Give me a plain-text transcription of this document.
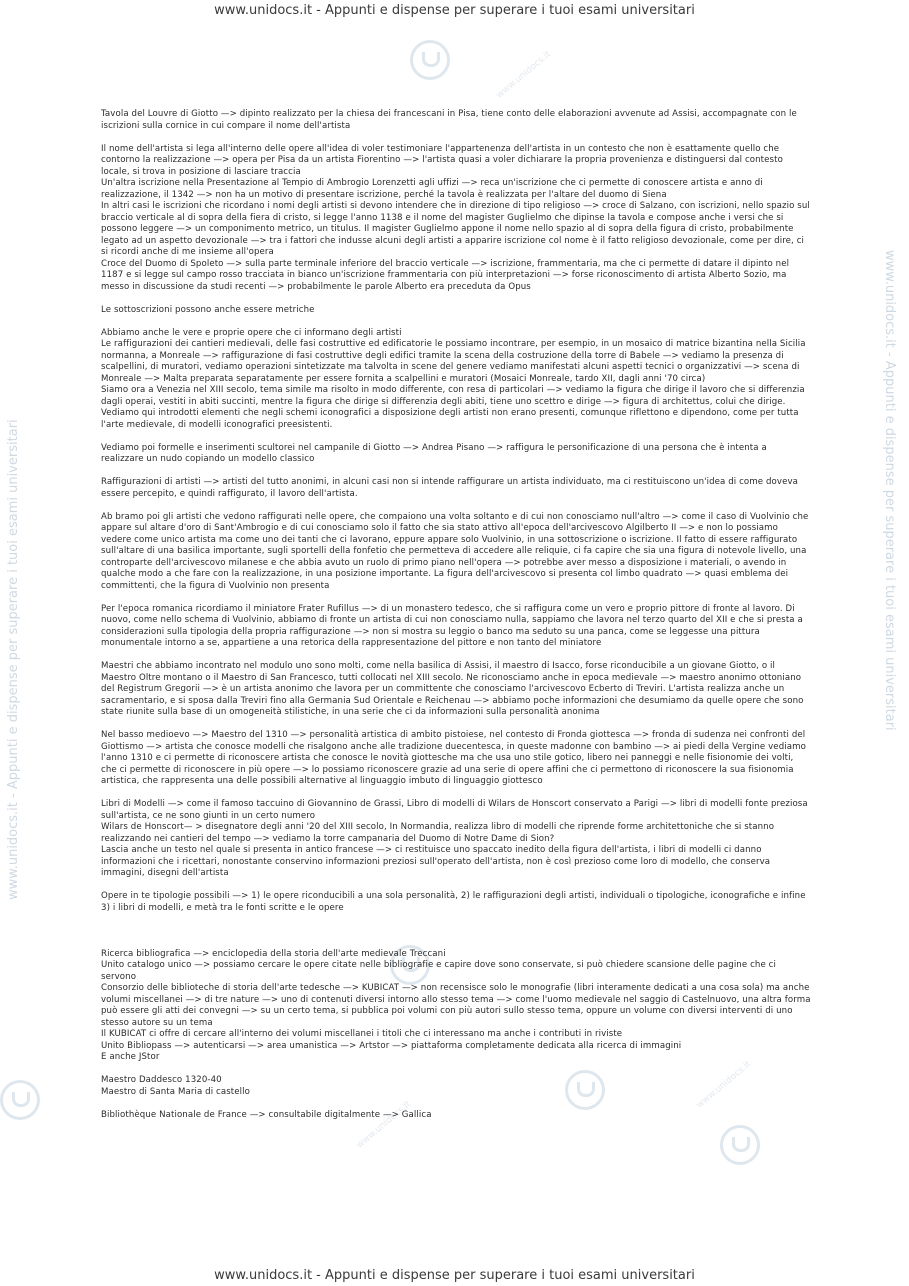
www.unidocs.it - Appunti e dispense per superare i tuoi esami universitari	www.unidocs.it - Appunti e dispense per superare i tuoi esami universitari
www.unidocs.it
www.unidocs.it
www.unidocs.it
www.unidocs.it
www.unidocs.it - Appunti e dispense per superare i tuoi esami universitari

Tavola del Louvre di Giotto —> dipinto realizzato per la chiesa dei francescani in Pisa, tiene conto delle elaborazioni avvenute ad Assisi, accompagnate con le iscrizioni sulla cornice in cui compare il nome dell'artista

Il nome dell'artista si lega all'interno delle opere all'idea di voler testimoniare l'appartenenza dell'artista in un contesto che non è esattamente quello che contorno la realizzazione —> opera per Pisa da un artista Fiorentino —> l'artista quasi a voler dichiarare la propria provenienza e distinguersi dal contesto locale, si trova in posizione di lasciare traccia

Un'altra iscrizione nella Presentazione al Tempio di Ambrogio Lorenzetti agli uffizi —> reca un'iscrizione che ci permette di conoscere artista e anno di realizzazione, il 1342 —> non ha un motivo di presentare iscrizione, perché la tavola è realizzata per l'altare del duomo di Siena

In altri casi le iscrizioni che ricordano i nomi degli artisti si devono intendere che in direzione di tipo religioso —> croce di Salzano, con iscrizioni, nello spazio sul braccio verticale al di sopra della fiera di cristo, si legge l'anno 1138 e il nome del magister Guglielmo che dipinse la tavola e compose anche i versi che si possono leggere —> un componimento metrico, un titulus. Il magister Guglielmo appone il nome nello spazio al di sopra della figura di cristo, probabilmente legato ad un aspetto devozionale —> tra i fattori che indusse alcuni degli artisti a apparire iscrizione col nome è il fatto religioso devozionale, come per dire, ci si ricordi anche di me insieme all'opera

Croce del Duomo di Spoleto —> sulla parte terminale inferiore del braccio verticale —> iscrizione, frammentaria, ma che ci permette di datare il dipinto nel 1187 e si legge sul campo rosso tracciata in bianco un'iscrizione frammentaria con più interpretazioni —> forse riconoscimento di artista Alberto Sozio, ma messo in discussione da studi recenti —> probabilmente le parole Alberto era preceduta da Opus

Le sottoscrizioni possono anche essere metriche

Abbiamo anche le vere e proprie opere che ci informano degli artisti

Le raffigurazioni dei cantieri medievali, delle fasi costruttive ed edificatorie le possiamo incontrare, per esempio, in un mosaico di matrice bizantina nella Sicilia normanna, a Monreale —> raffigurazione di fasi costruttive degli edifici tramite la scena della costruzione della torre di Babele —> vediamo la presenza di scalpellini, di muratori, vediamo operazioni sintetizzate ma talvolta in scene del genere vediamo manifestati alcuni aspetti tecnici o organizzativi —> scena di Monreale —> Malta preparata separatamente per essere fornita a scalpellini e muratori (Mosaici Monreale, tardo XII, dagli anni '70 circa)

Siamo ora a Venezia nel XIII secolo, tema simile ma risolto in modo differente, con resa di particolari —> vediamo la figura che dirige il lavoro che si differenzia dagli operai, vestiti in abiti succinti, mentre la figura che dirige si differenzia degli abiti, tiene uno scettro e dirige —> figura di architettus, colui che dirige. Vediamo qui introdotti elementi che negli schemi iconografici a disposizione degli artisti non erano presenti, comunque riflettono e dipendono, come per tutta l'arte medievale, di modelli iconografici preesistenti.

Vediamo poi formelle e inserimenti scultorei nel campanile di Giotto —> Andrea Pisano —> raffigura le personificazione di una persona che è intenta a realizzare un nudo copiando un modello classico

Raffigurazioni di artisti —> artisti del tutto anonimi, in alcuni casi non si intende raffigurare un artista individuato, ma ci restituiscono un'idea di come doveva essere percepito, e quindi raffigurato, il lavoro dell'artista.

Ab bramo poi gli artisti che vedono raffigurati nelle opere, che compaiono una volta soltanto e di cui non conosciamo null'altro —> come il caso di Vuolvinio che appare sul altare d'oro di Sant'Ambrogio e di cui conosciamo solo il fatto che sia stato attivo all'epoca dell'arcivescovo Algilberto II —> e non lo possiamo vedere come unico artista ma come uno dei tanti che ci lavorano, eppure appare solo Vuolvinio, in una sottoscrizione o iscrizione. Il fatto di essere raffigurato sull'altare di una basilica importante, sugli sportelli della fonfetio che permetteva di accedere alle reliquie, ci fa capire che sia una figura di notevole livello, una controparte dell'arcivescovo milanese e che abbia avuto un ruolo di primo piano nell'opera —> potrebbe aver messo a disposizione i materiali, o avendo in qualche modo a che fare con la realizzazione, in una posizione importante. La figura dell'arcivescovo si presenta col limbo quadrato —> quasi emblema dei committenti, che la figura di Vuolvinio non presenta

Per l'epoca romanica ricordiamo il miniatore Frater Rufillus —> di un monastero tedesco, che si raffigura come un vero e proprio pittore di fronte al lavoro. Di nuovo, come nello schema di Vuolvinio, abbiamo di fronte un artista di cui non conosciamo nulla, sappiamo che lavora nel terzo quarto del XII e che si presta a considerazioni sulla tipologia della propria raffigurazione —> non si mostra su leggio o banco ma seduto su una panca, come se leggesse una pittura monumentale intorno a se, appartiene a una retorica della rappresentazione del pittore e non tanto del miniatore

Maestri che abbiamo incontrato nel modulo uno sono molti, come nella basilica di Assisi, il maestro di Isacco, forse riconducibile a un giovane Giotto, o il Maestro Oltre montano o il Maestro di San Francesco, tutti collocati nel XIII secolo. Ne riconosciamo anche in epoca medievale —> maestro anonimo ottoniano del Registrum Gregorii —> è un artista anonimo che lavora per un committente che conosciamo l'arcivescovo Ecberto di Treviri. L'artista realizza anche un sacramentario, e si sposa dalla Treviri fino alla Germania Sud Orientale e Reichenau —> abbiamo poche informazioni che desumiamo da quelle opere che sono state riunite sulla base di un omogeneità stilistiche, in una serie che ci da informazioni sulla personalità anonima

Nel basso medioevo —> Maestro del 1310 —> personalità artistica di ambito pistoiese, nel contesto di Fronda giottesca —> fronda di sudenza nei confronti del Giottismo —> artista che conosce modelli che risalgono anche alle tradizione duecentesca, in queste madonne con bambino —> ai piedi della Vergine vediamo l'anno 1310 e ci permette di riconoscere artista che conosce le novità giottesche ma che usa uno stile gotico, libero nei panneggi e nelle fisionomie dei volti, che ci permette di riconoscere in più opere —> lo possiamo riconoscere grazie ad una serie di opere affini che ci permettono di riconoscere la sua fisionomia artistica, che rappresenta una delle possibili alternative al linguaggio imbuto di linguaggio giottesco

Libri di Modelli —> come il famoso taccuino di Giovannino de Grassi, Libro di modelli di Wilars de Honscort conservato a Parigi —> libri di modelli fonte preziosa sull'artista, ce ne sono giunti in un certo numero

Wilars de Honscort— > disegnatore degli anni '20 del XIII secolo, In Normandia, realizza libro di modelli che riprende forme architettoniche che si stanno realizzando nei cantieri del tempo —> vediamo la torre campanaria del Duomo di Notre Dame di Sion?

Lascia anche un testo nel quale si presenta in antico francese —> ci restituisce uno spaccato inedito della figura dell'artista, i libri di modelli ci danno informazioni che i ricettari, nonostante conservino informazioni preziosi sull'operato dell'artista, non è così prezioso come loro di modello, che conserva immagini, disegni dell'artista

Opere in te tipologie possibili —> 1) le opere riconducibili a una sola personalità, 2) le raffigurazioni degli artisti, individuali o tipologiche, iconografiche e infine 3) i libri di modelli, e metà tra le fonti scritte e le opere

Ricerca bibliografica —> enciclopedia della storia dell'arte medievale Treccani

Unito catalogo unico —> possiamo cercare le opere citate nelle bibliografie e capire dove sono conservate, si può chiedere scansione delle pagine che ci servono

Consorzio delle biblioteche di storia dell'arte tedesche —> KUBICAT —> non recensisce solo le monografie (libri interamente dedicati a una cosa sola) ma anche volumi miscellanei —> di tre nature —> uno di contenuti diversi intorno allo stesso tema —> come l'uomo medievale nel saggio di Castelnuovo, una altra forma può essere gli atti dei convegni —> su un certo tema, si pubblica poi volumi con più autori sullo stesso tema, oppure un volume con diversi interventi di uno stesso autore su un tema

Il KUBICAT ci offre di cercare all'interno dei volumi miscellanei i titoli che ci interessano ma anche i contributi in riviste

Unito Bibliopass —> autenticarsi —> area umanistica —> Artstor —> piattaforma completamente dedicata alla ricerca di immagini

E anche JStor

Maestro Daddesco 1320-40

Maestro di Santa Maria di castello

Bibliothèque Nationale de France —> consultabile digitalmente —> Gallica

www.unidocs.it - Appunti e dispense per superare i tuoi esami universitari
